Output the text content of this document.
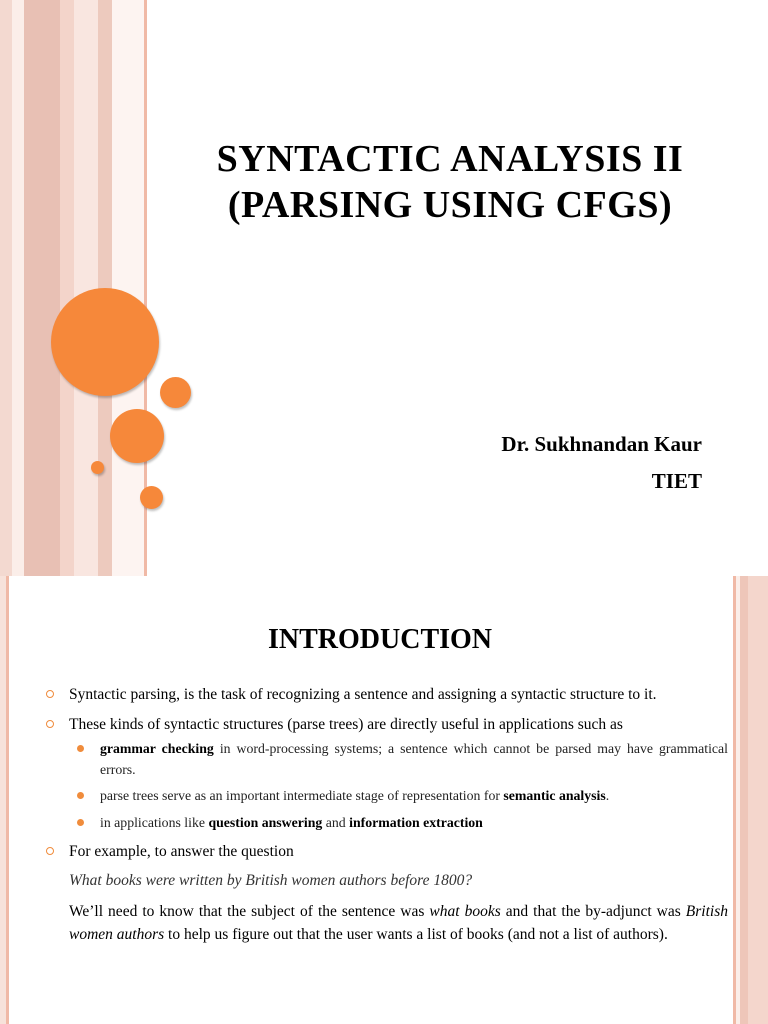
SYNTACTIC ANALYSIS II
(PARSING USING CFGS)
Dr. Sukhnandan Kaur
TIET
INTRODUCTION
Syntactic parsing, is the task of recognizing a sentence and assigning a syntactic structure to it.
These kinds of syntactic structures (parse trees) are directly useful in applications such as
grammar checking in word-processing systems; a sentence which cannot be parsed may have grammatical errors.
parse trees serve as an important intermediate stage of representation for semantic analysis.
in applications like question answering and information extraction
For example, to answer the question
What books were written by British women authors before 1800?
We’ll need to know that the subject of the sentence was what books and that the by-adjunct was British women authors to help us figure out that the user wants a list of books (and not a list of authors).
